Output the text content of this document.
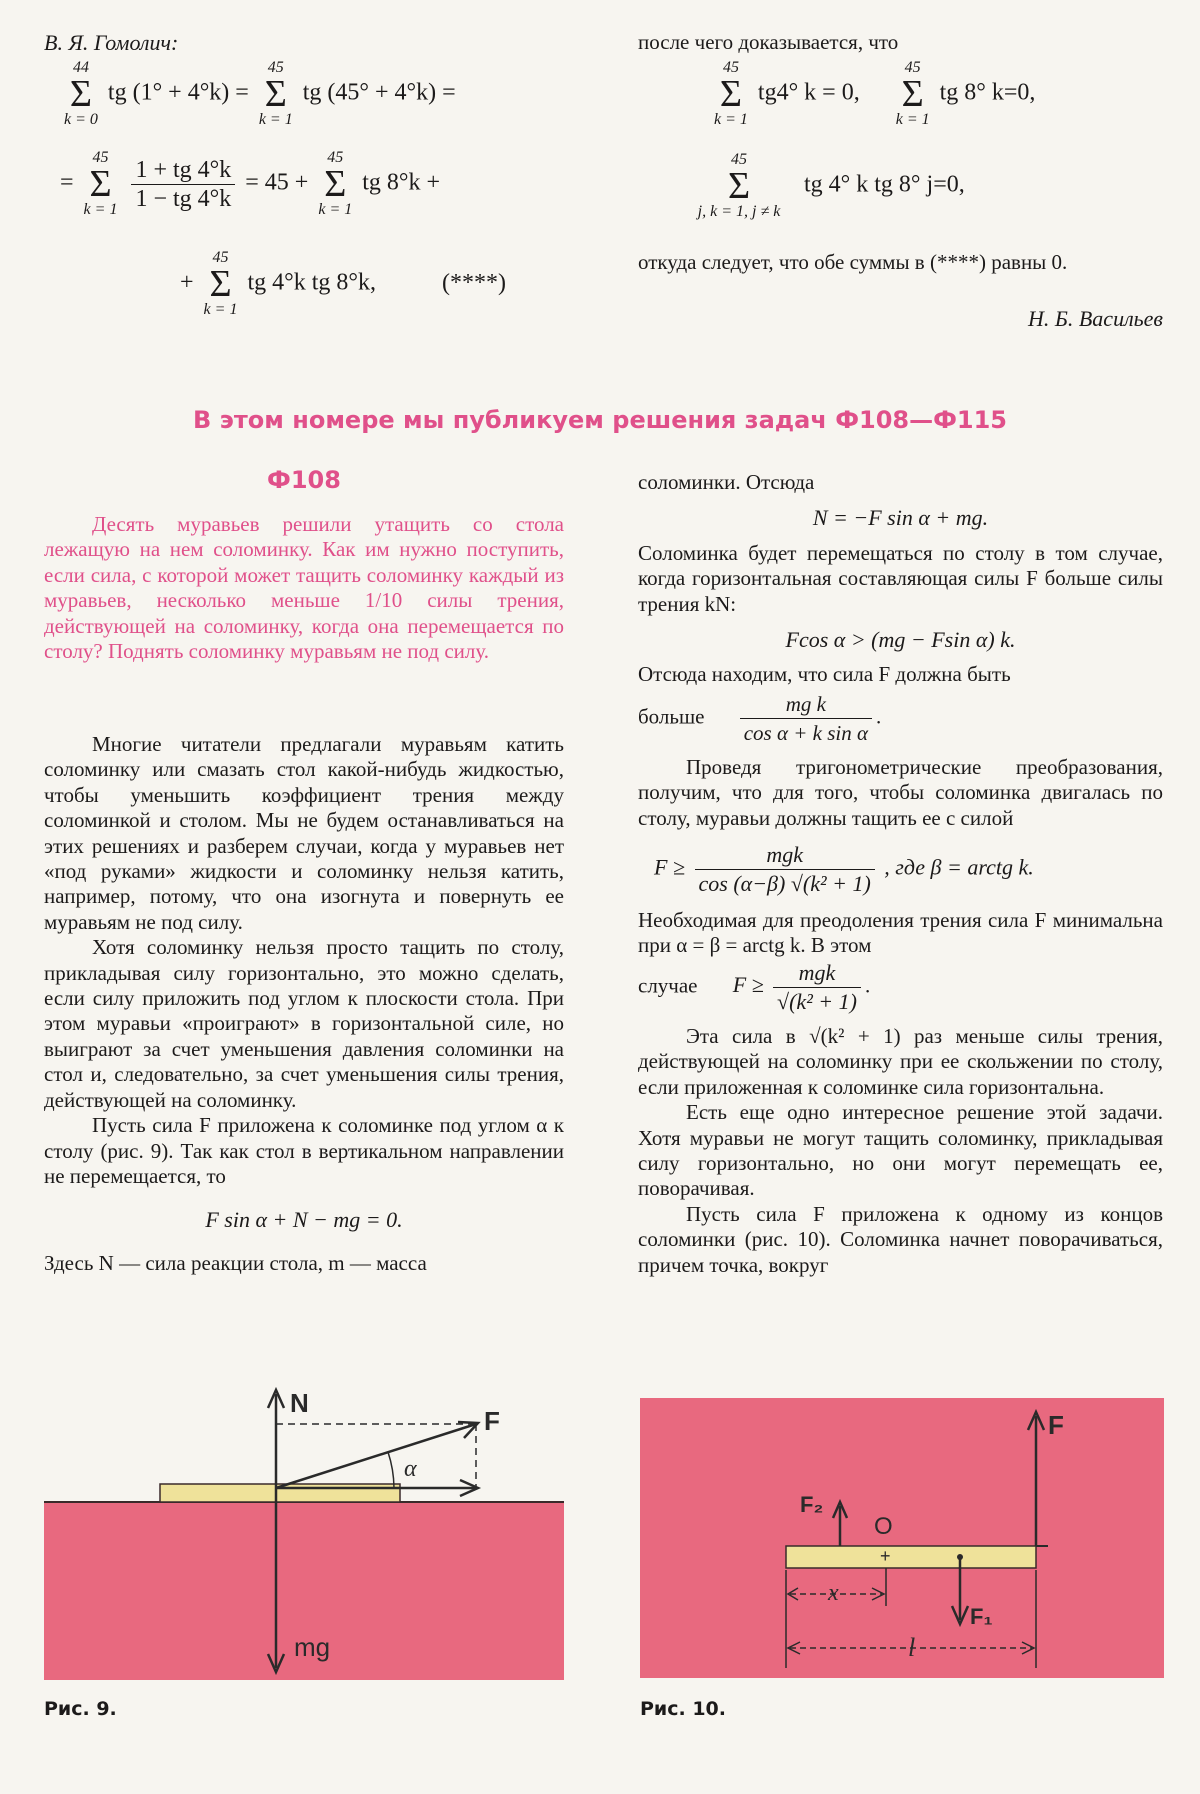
В. Я. Гомолич:
44
Σ
k = 0
tg (1° + 4°k) =
45
Σ
k = 1
tg (45° + 4°k) =
=
45
Σ
k = 1
$\frac{1 + tg 4^\circ k}{1 - tg 4^\circ k} = 45$ +
45
Σ
k = 1
tg 8°k +
+
45
Σ
k = 1
tg 4°k tg 8°k,	(****)
после чего доказывается, что
45
Σ
k = 1
tg4° k = 0,
45
Σ
k = 1
tg 8° k=0,
45
Σ
j, k = 1, j ≠ k
tg 4° k tg 8° j=0,

откуда следует, что обе суммы в (****) равны 0.

Н. Б. Васильев
В этом номере мы публикуем решения задач Ф108—Ф115
Ф108

Десять муравьев решили утащить со стола лежащую на нем соломинку. Как им нужно поступить, если сила, с которой может тащить соломинку каждый из муравьев, несколько меньше 1/10 силы трения, действующей на соломинку, когда она перемещается по столу? Поднять соломинку муравьям не под силу.

Многие читатели предлагали муравьям катить соломинку или смазать стол какой-нибудь жидкостью, чтобы уменьшить коэффициент трения между соломинкой и столом. Мы не будем останавливаться на этих решениях и разберем случаи, когда у муравьев нет «под руками» жидкости и соломинку нельзя катить, например, потому, что она изогнута и повернуть ее муравьям не под силу.

Хотя соломинку нельзя просто тащить по столу, прикладывая силу горизонтально, это можно сделать, если силу приложить под углом к плоскости стола. При этом муравьи «проиграют» в горизонтальной силе, но выиграют за счет уменьшения давления соломинки на стол и, следовательно, за счет уменьшения силы трения, действующей на соломинку.

Пусть сила F приложена к соломинке под углом α к столу (рис. 9). Так как стол в вертикальном направлении не перемещается, то

F sin α + N − mg = 0.

Здесь N — сила реакции стола, m — масса

соломинки. Отсюда

N = −F sin α + mg.

Соломинка будет перемещаться по столу в том случае, когда горизонтальная составляющая силы F больше силы трения kN:

Fcos α > (mg − Fsin α) k.

Отсюда находим, что сила F должна быть

больше $\frac{\text{mg k}}{\text{cos α + k sin α}}$ .

Проведя тригонометрические преобразования, получим, что для того, чтобы соломинка двигалась по столу, муравьи должны тащить ее с силой

$F \ge \frac{\text{mgk}}{\text{cos (α−β) √(k² + 1)}}$ , где β = arctg k.

Необходимая для преодоления трения сила F минимальна при α = β = arctg k. В этом

случае $F \ge \frac{\text{mgk}}{\text{√(k² + 1)}}$ .

Эта сила в √(k² + 1) раз меньше силы трения, действующей на соломинку при ее скольжении по столу, если приложенная к соломинке сила горизонтальна.

Есть еще одно интересное решение этой задачи. Хотя муравьи не могут тащить соломинку, прикладывая силу горизонтально, но они могут перемещать ее, поворачивая.

Пусть сила F приложена к одному из концов соломинки (рис. 10). Соломинка начнет поворачиваться, причем точка, вокруг

N
F
α
mg
Рис. 9.
+
F
F₂
O
F₁
x
l
Рис. 10.
